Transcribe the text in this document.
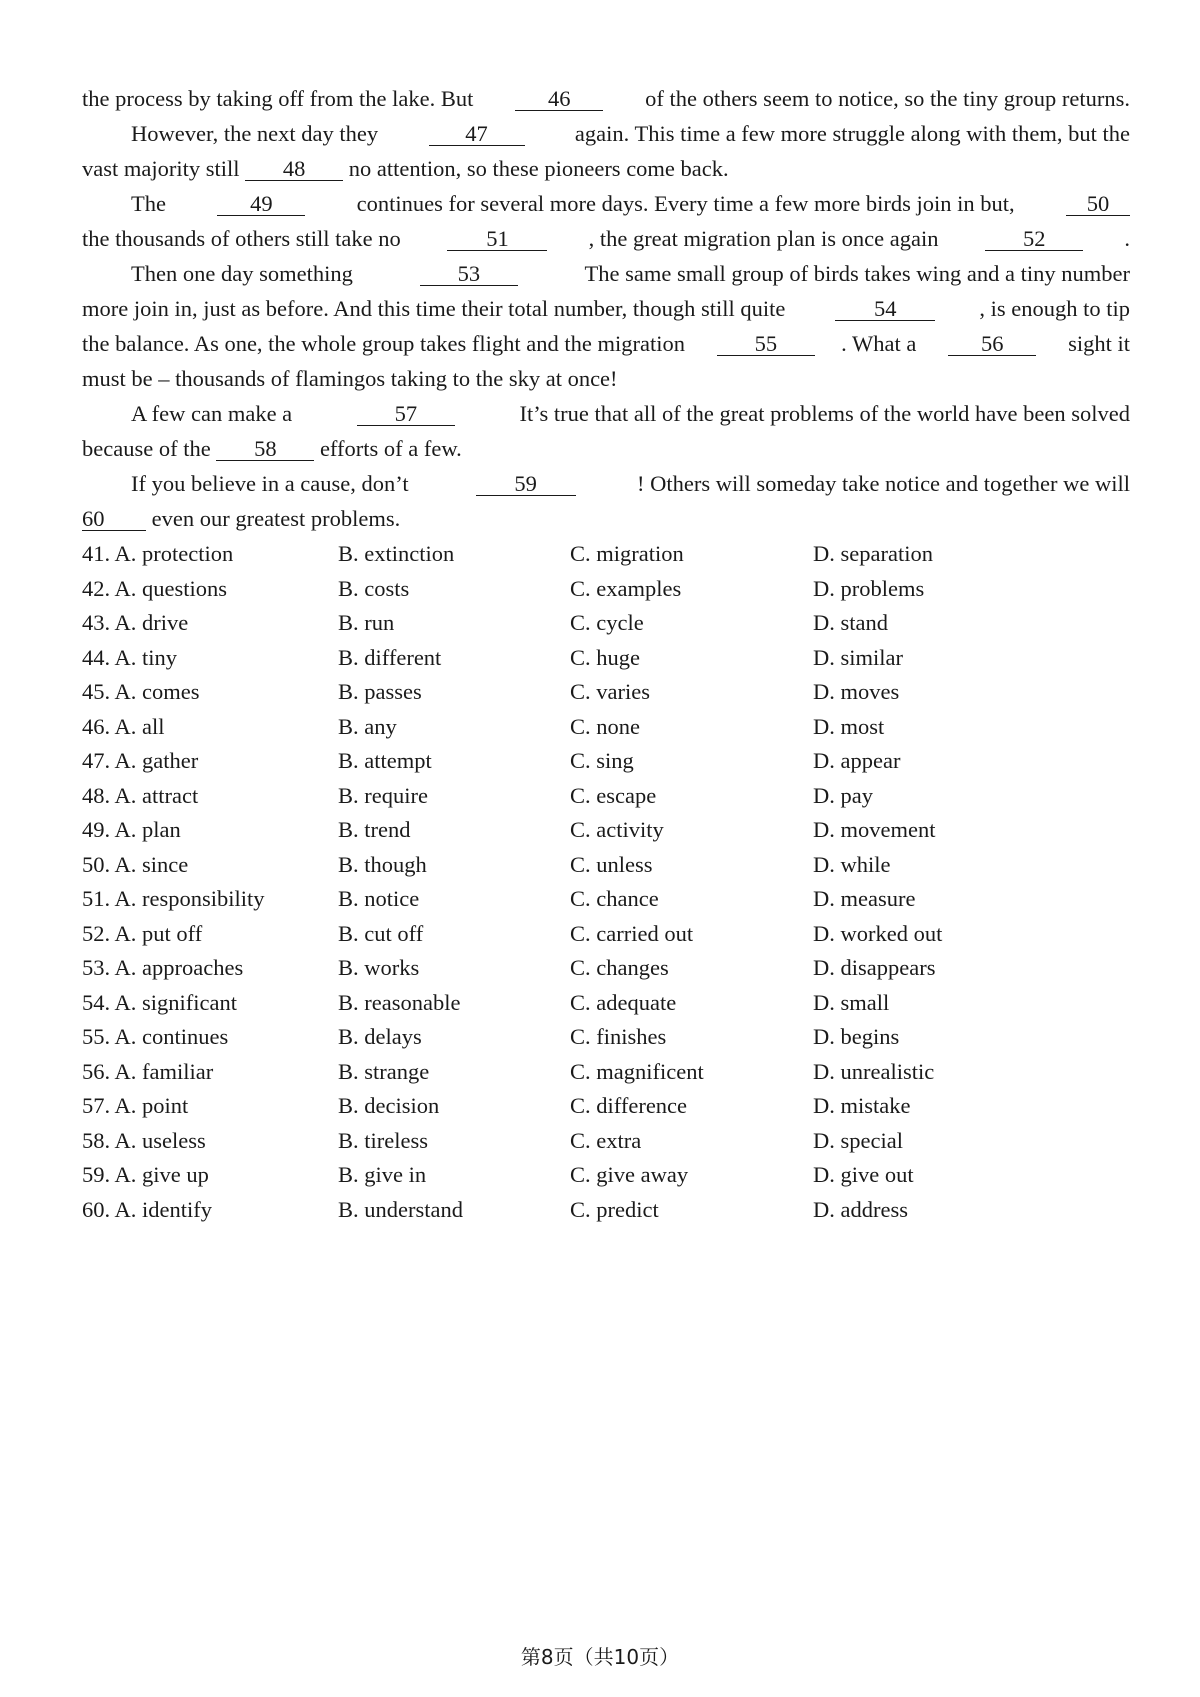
the process by taking off from the lake. But	46	of the others seem to notice, so the tiny group returns.
However, the next day they	47	again. This time a few more struggle along with them, but the
vast majority still	48	no attention, so these pioneers come back.
The	49	continues for several more days. Every time a few more birds join in but,	50
the thousands of others still take no	51	, the great migration plan is once again	52	.
Then one day something	53	The same small group of birds takes wing and a tiny number
more join in, just as before. And this time their total number, though still quite	54	, is enough to tip
the balance. As one, the whole group takes flight and the migration	55	. What a	56	sight it
must be – thousands of flamingos taking to the sky at once!
A few can make a	57	It’s true that all of the great problems of the world have been solved
because of the	58	efforts of a few.
If you believe in a cause, don’t	59	! Others will someday take notice and together we will
60	even our greatest problems.
41. A. protection	B. extinction	C. migration	D. separation
42. A. questions	B. costs	C. examples	D. problems
43. A. drive	B. run	C. cycle	D. stand
44. A. tiny	B. different	C. huge	D. similar
45. A. comes	B. passes	C. varies	D. moves
46. A. all	B. any	C. none	D. most
47. A. gather	B. attempt	C. sing	D. appear
48. A. attract	B. require	C. escape	D. pay
49. A. plan	B. trend	C. activity	D. movement
50. A. since	B. though	C. unless	D. while
51. A. responsibility	B. notice	C. chance	D. measure
52. A. put off	B. cut off	C. carried out	D. worked out
53. A. approaches	B. works	C. changes	D. disappears
54. A. significant	B. reasonable	C. adequate	D. small
55. A. continues	B. delays	C. finishes	D. begins
56. A. familiar	B. strange	C. magnificent	D. unrealistic
57. A. point	B. decision	C. difference	D. mistake
58. A. useless	B. tireless	C. extra	D. special
59. A. give up	B. give in	C. give away	D. give out
60. A. identify	B. understand	C. predict	D. address
第8页（共10页）
